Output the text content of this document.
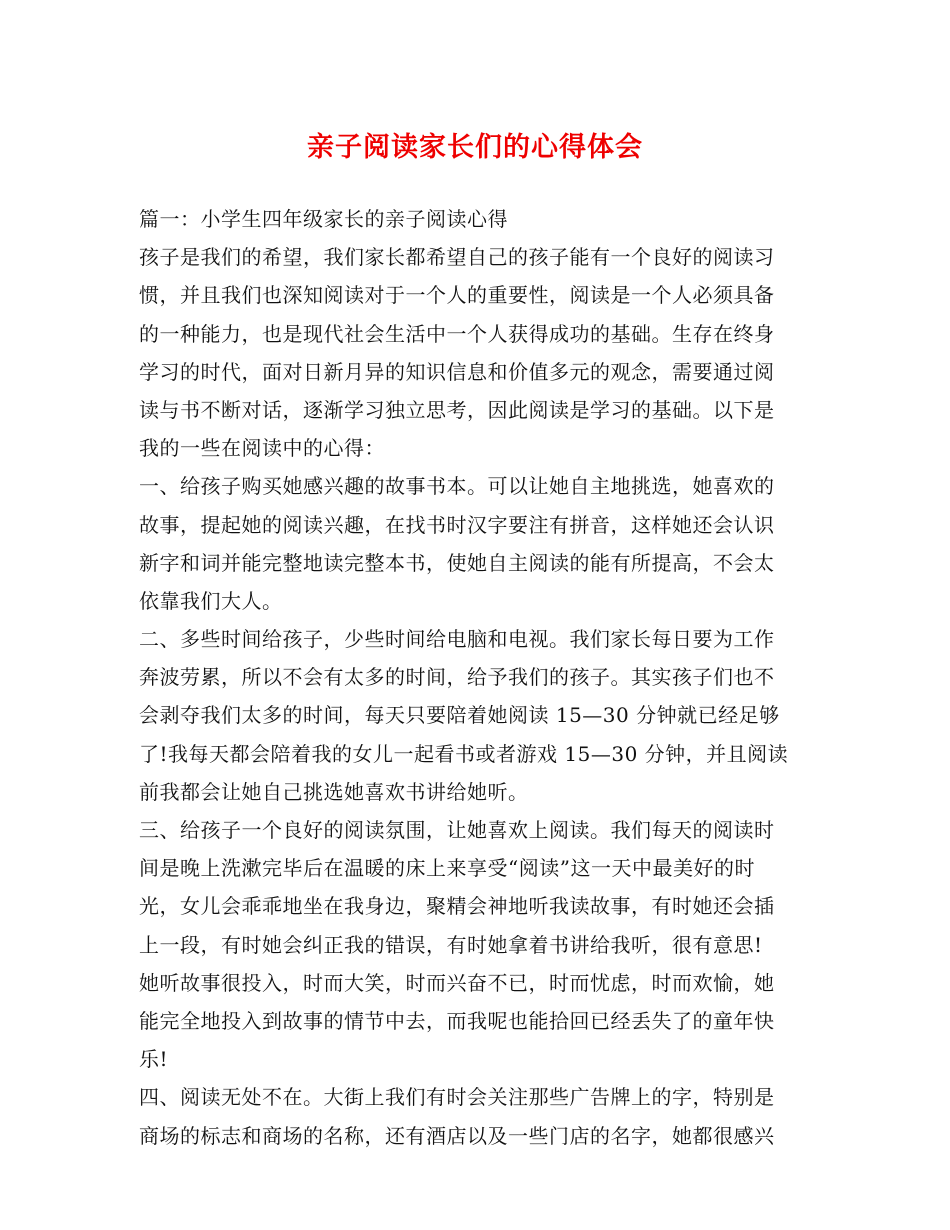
亲子阅读家长们的心得体会
篇一：小学生四年级家长的亲子阅读心得
孩子是我们的希望，我们家长都希望自己的孩子能有一个良好的阅读习
惯，并且我们也深知阅读对于一个人的重要性，阅读是一个人必须具备
的一种能力，也是现代社会生活中一个人获得成功的基础。生存在终身
学习的时代，面对日新月异的知识信息和价值多元的观念，需要通过阅
读与书不断对话，逐渐学习独立思考，因此阅读是学习的基础。以下是
我的一些在阅读中的心得：
一、给孩子购买她感兴趣的故事书本。可以让她自主地挑选，她喜欢的
故事，提起她的阅读兴趣，在找书时汉字要注有拼音，这样她还会认识
新字和词并能完整地读完整本书，使她自主阅读的能有所提高，不会太
依靠我们大人。
二、多些时间给孩子，少些时间给电脑和电视。我们家长每日要为工作
奔波劳累，所以不会有太多的时间，给予我们的孩子。其实孩子们也不
会剥夺我们太多的时间，每天只要陪着她阅读 15—30 分钟就已经足够
了!我每天都会陪着我的女儿一起看书或者游戏 15—30 分钟，并且阅读
前我都会让她自己挑选她喜欢书讲给她听。
三、给孩子一个良好的阅读氛围，让她喜欢上阅读。我们每天的阅读时
间是晚上洗漱完毕后在温暖的床上来享受“阅读”这一天中最美好的时
光，女儿会乖乖地坐在我身边，聚精会神地听我读故事，有时她还会插
上一段，有时她会纠正我的错误，有时她拿着书讲给我听，很有意思!
她听故事很投入，时而大笑，时而兴奋不已，时而忧虑，时而欢愉，她
能完全地投入到故事的情节中去，而我呢也能拾回已经丢失了的童年快
乐!
四、阅读无处不在。大街上我们有时会关注那些广告牌上的字，特别是
商场的标志和商场的名称，还有酒店以及一些门店的名字，她都很感兴
